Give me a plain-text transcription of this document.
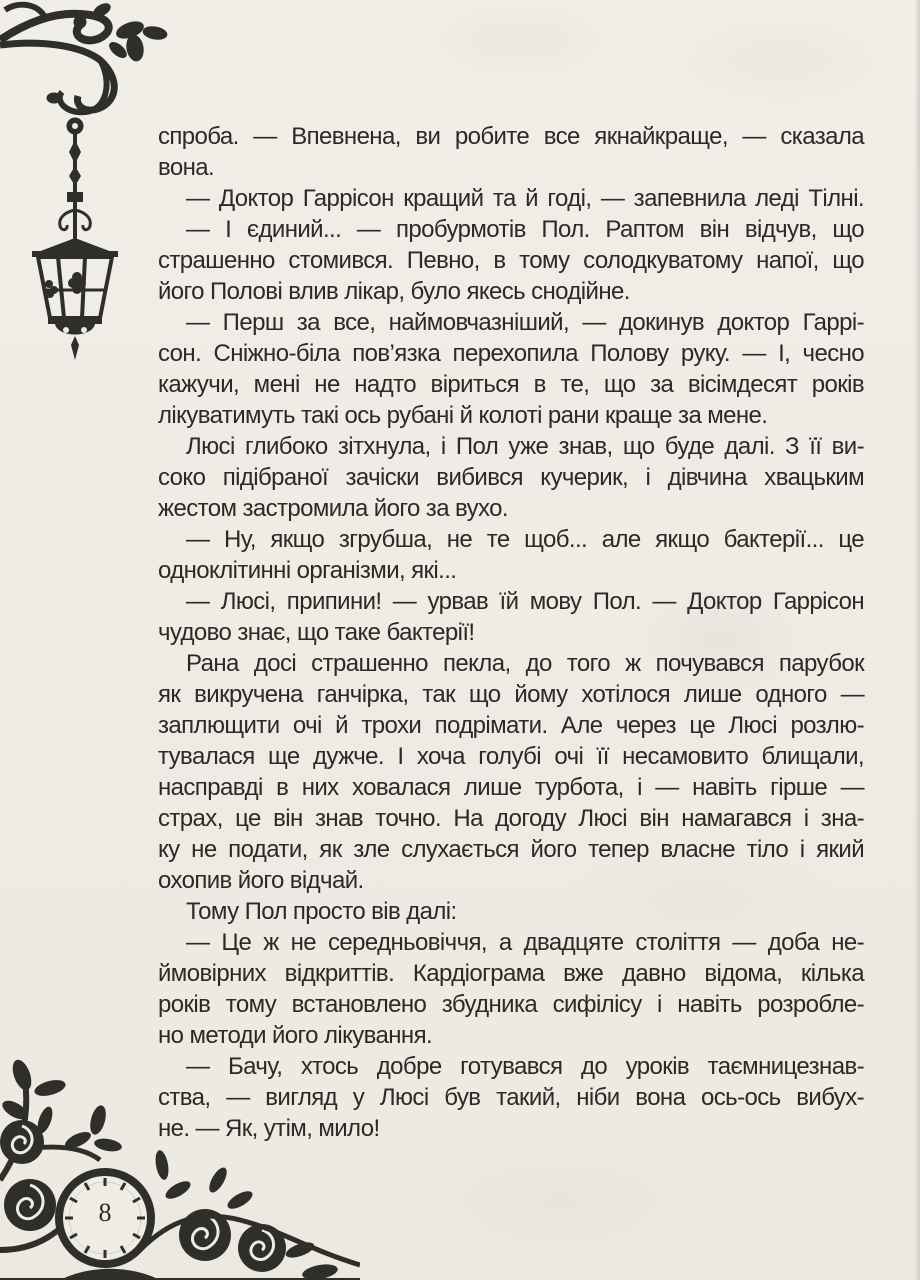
8
спроба. — Впевнена, ви робите все якнайкраще, — сказала
вона.
— Доктор Гаррісон кращий та й годі, — запевнила леді Тілні.
— І єдиний... — пробурмотів Пол. Раптом він відчув, що
страшенно стомився. Певно, в тому солодкуватому напої, що
його Полові влив лікар, було якесь снодійне.
— Перш за все, наймовчазніший, — докинув доктор Гаррі-
сон. Сніжно-біла пов’язка перехопила Полову руку. — І, чесно
кажучи, мені не надто віриться в те, що за вісімдесят років
лікуватимуть такі ось рубані й колоті рани краще за мене.
Люсі глибоко зітхнула, і Пол уже знав, що буде далі. З її ви-
соко підібраної зачіски вибився кучерик, і дівчина хвацьким
жестом застромила його за вухо.
— Ну, якщо згрубша, не те щоб... але якщо бактерії... це
одноклітинні організми, які...
— Люсі, припини! — урвав їй мову Пол. — Доктор Гаррісон
чудово знає, що таке бактерії!
Рана досі страшенно пекла, до того ж почувався парубок
як викручена ганчірка, так що йому хотілося лише одного —
заплющити очі й трохи подрімати. Але через це Люсі розлю-
тувалася ще дужче. І хоча голубі очі її несамовито блищали,
насправді в них ховалася лише турбота, і — навіть гірше —
страх, це він знав точно. На догоду Люсі він намагався і зна-
ку не подати, як зле слухається його тепер власне тіло і який
охопив його відчай.
Тому Пол просто вів далі:
— Це ж не середньовіччя, а двадцяте століття — доба не-
ймовірних відкриттів. Кардіограма вже давно відома, кілька
років тому встановлено збудника сифілісу і навіть розробле-
но методи його лікування.
— Бачу, хтось добре готувався до уроків таємницезнав-
ства, — вигляд у Люсі був такий, ніби вона ось-ось вибух-
не. — Як, утім, мило!
